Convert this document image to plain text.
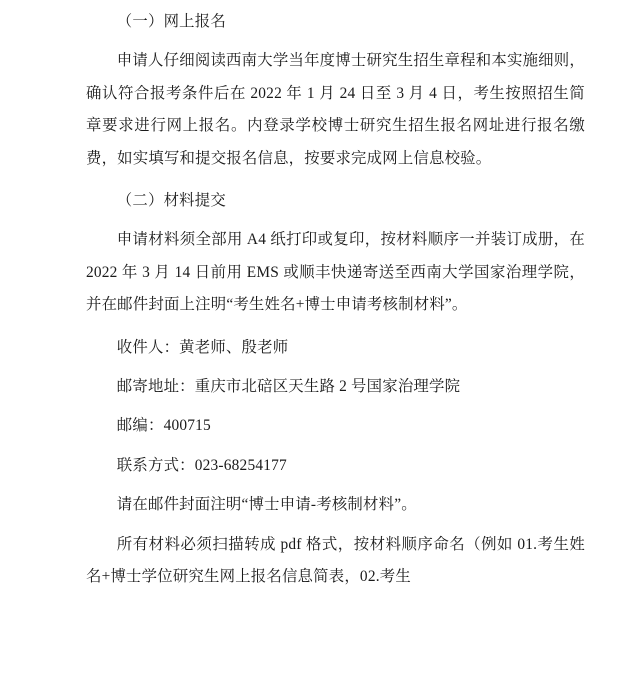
（一）网上报名

申请人仔细阅读西南大学当年度博士研究生招生章程和本实施细则，确认符合报考条件后在 2022 年 1 月 24 日至 3 月 4 日，考生按照招生简章要求进行网上报名。内登录学校博士研究生招生报名网址进行报名缴费，如实填写和提交报名信息，按要求完成网上信息校验。

（二）材料提交

申请材料须全部用 A4 纸打印或复印，按材料顺序一并装订成册，在 2022 年 3 月 14 日前用 EMS 或顺丰快递寄送至西南大学国家治理学院，并在邮件封面上注明“考生姓名+博士申请考核制材料”。

收件人：黄老师、殷老师

邮寄地址：重庆市北碚区天生路 2 号国家治理学院

邮编：400715

联系方式：023-68254177

请在邮件封面注明“博士申请-考核制材料”。

所有材料必须扫描转成 pdf 格式，按材料顺序命名（例如 01.考生姓名+博士学位研究生网上报名信息简表，02.考生
